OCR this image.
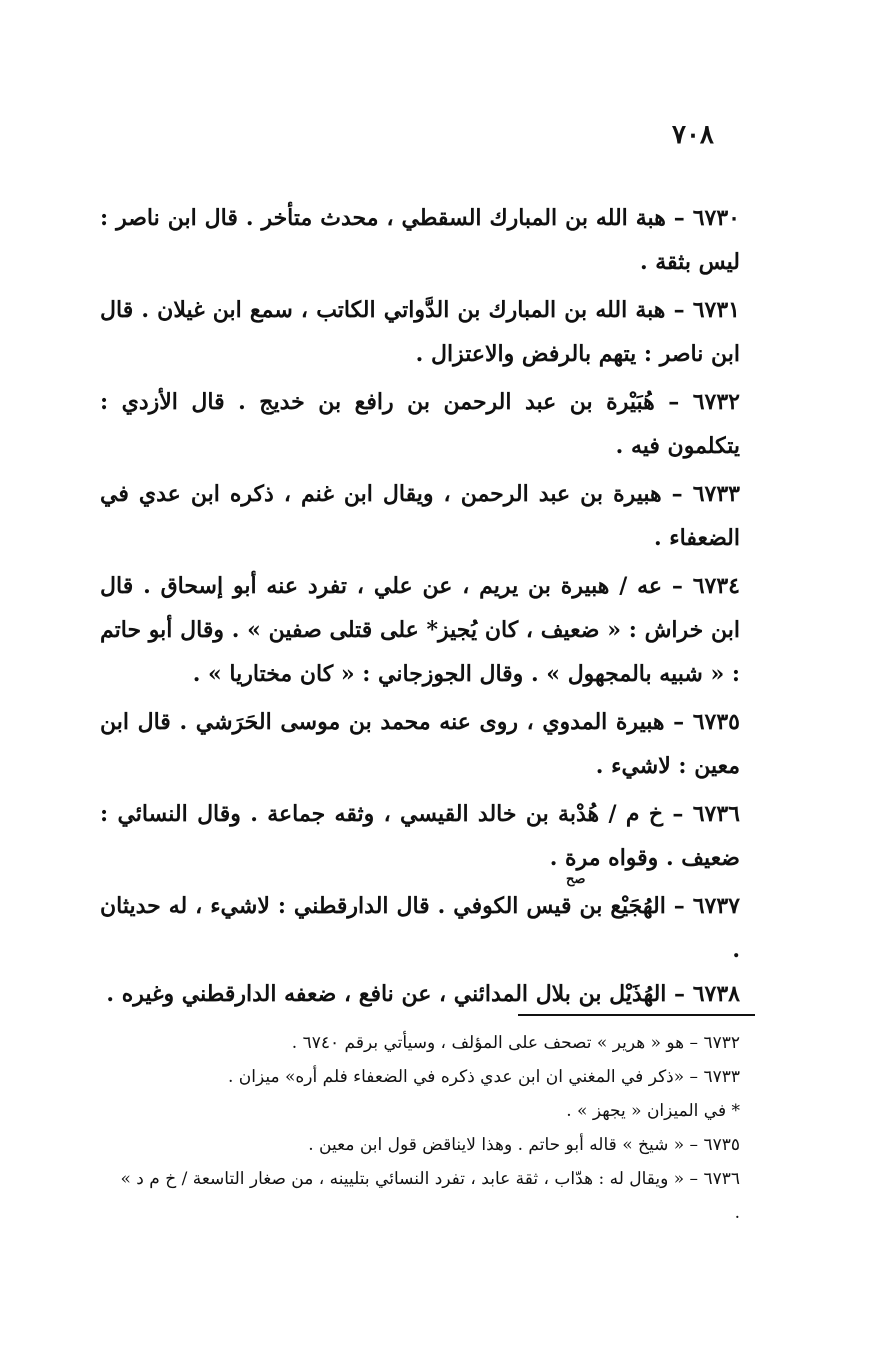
٧٠٨

٦٧٣٠ – هبة الله بن المبارك السقطي ، محدث متأخر . قال ابن ناصر : ليس بثقة .

٦٧٣١ – هبة الله بن المبارك بن الدَّواتي الكاتب ، سمع ابن غيلان . قال ابن ناصر : يتهم بالرفض والاعتزال .

٦٧٣٢ – هُبَيْرة بن عبد الرحمن بن رافع بن خديج . قال الأزدي : يتكلمون فيه .

٦٧٣٣ – هبيرة بن عبد الرحمن ، ويقال ابن غنم ، ذكره ابن عدي في الضعفاء .

٦٧٣٤ – عه / هبيرة بن يريم ، عن علي ، تفرد عنه أبو إسحاق . قال ابن خراش : « ضعيف ، كان يُجيز* على قتلى صفين » . وقال أبو حاتم : « شبيه بالمجهول » . وقال الجوزجاني : « كان مختاريا » .

٦٧٣٥ – هبيرة المدوي ، روى عنه محمد بن موسى الحَرَشي . قال ابن معين : لاشيء .

٦٧٣٦ – خ م / هُدْبة بن خالد القيسي ، وثقه جماعة . وقال النسائي : ضعيف . وقواه مرة .

٦٧٣٧ – الهُجَيْع بن قيس الكوفي . قال الدارقطني : لاشيء ، له حديثان .

٦٧٣٨ – الهُذَيْل بن بلال المدائني ، عن نافع ، ضعفه الدارقطني وغيره .

صح

٦٧٣٢ – هو « هرير » تصحف على المؤلف ، وسيأتي برقم ٦٧٤٠ .

٦٧٣٣ – «ذكر في المغني ان ابن عدي ذكره في الضعفاء فلم أره» ميزان .

* في الميزان « يجهز » .

٦٧٣٥ – « شيخ » قاله أبو حاتم . وهذا لايناقض قول ابن معين .

٦٧٣٦ – « ويقال له : هدّاب ، ثقة عابد ، تفرد النسائي بتليينه ، من صغار التاسعة / خ م د » .
